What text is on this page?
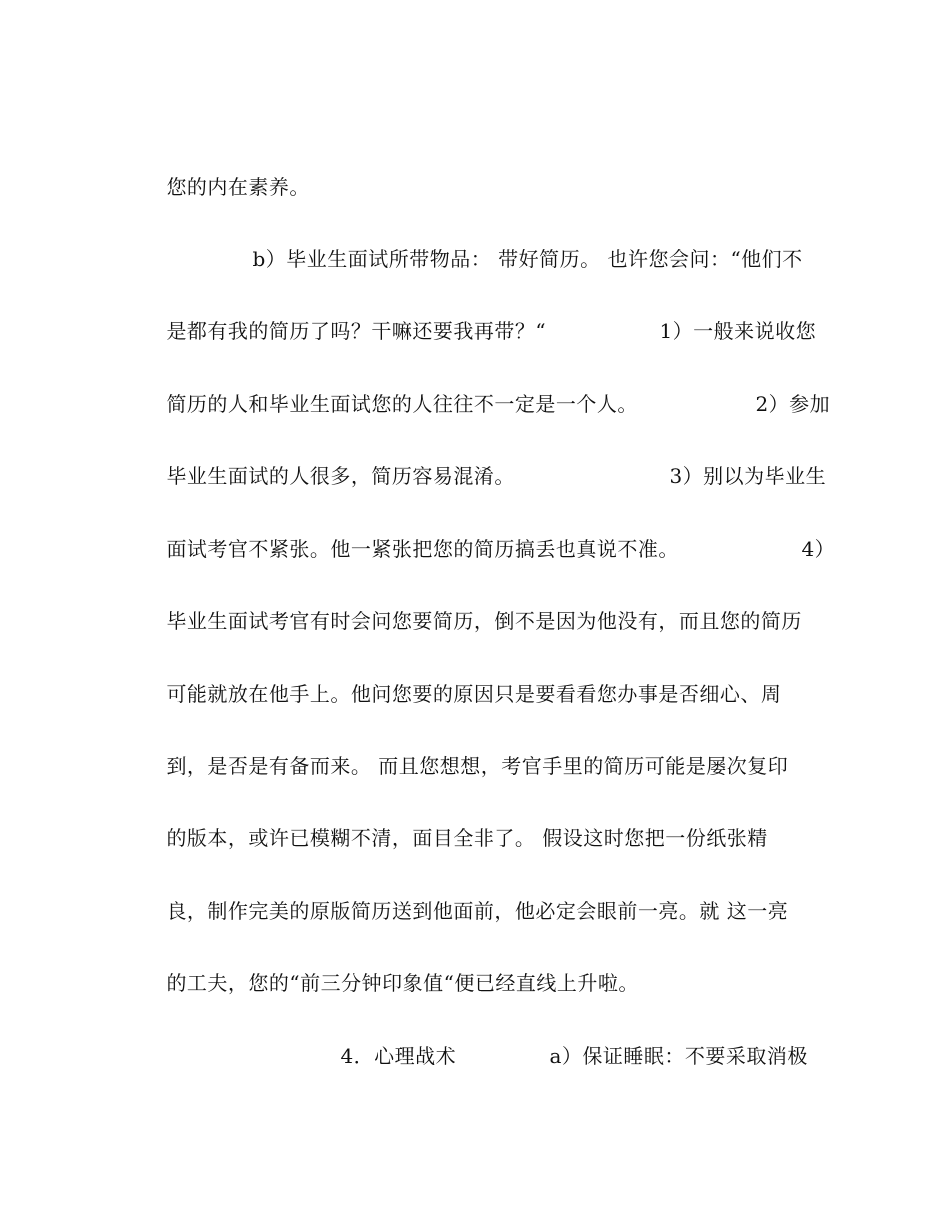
您的内在素养。

b）毕业生面试所带物品： 带好简历。 也许您会问：“他们不

是都有我的简历了吗？干嘛还要我再带？“
	1）一般来说收您

简历的人和毕业生面试您的人往往不一定是一个人。
	2）参加

毕业生面试的人很多，简历容易混淆。
	3）别以为毕业生

面试考官不紧张。他一紧张把您的简历搞丢也真说不准。
	4）

毕业生面试考官有时会问您要简历，倒不是因为他没有，而且您的简历

可能就放在他手上。他问您要的原因只是要看看您办事是否细心、周

到，是否是有备而来。 而且您想想，考官手里的简历可能是屡次复印

的版本，或许已模糊不清，面目全非了。 假设这时您把一份纸张精

良，制作完美的原版简历送到他面前，他必定会眼前一亮。就 这一亮

的工夫，您的“前三分钟印象值“便已经直线上升啦。

4．心理战术
	a）保证睡眠：不要采取消极
